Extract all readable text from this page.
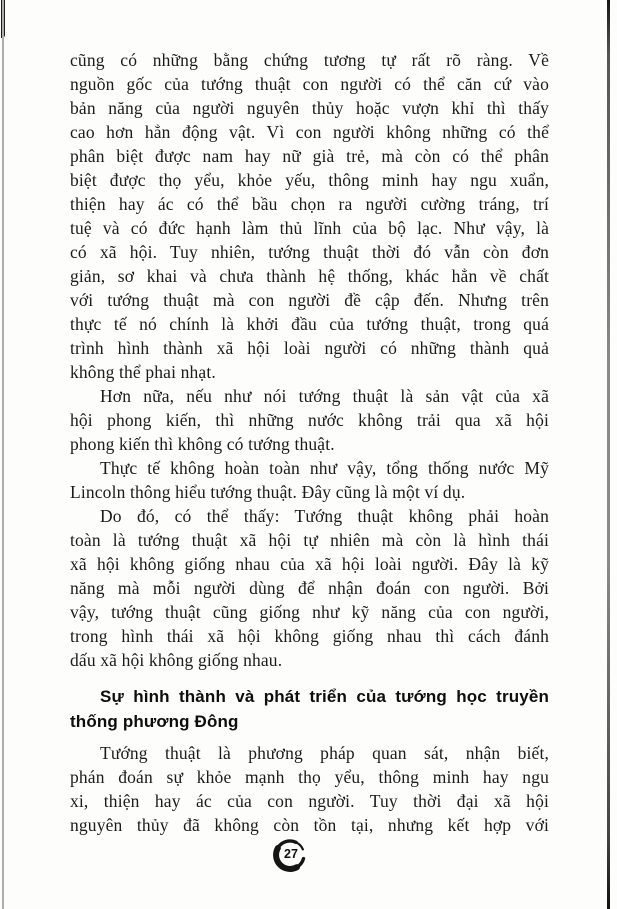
cũng có những bằng chứng tương tự rất rõ ràng. Về
nguồn gốc của tướng thuật con người có thể căn cứ vào
bản năng của người nguyên thủy hoặc vượn khỉ thì thấy
cao hơn hẳn động vật. Vì con người không những có thể
phân biệt được nam hay nữ già trẻ, mà còn có thể phân
biệt được thọ yểu, khỏe yếu, thông minh hay ngu xuẩn,
thiện hay ác có thể bầu chọn ra người cường tráng, trí
tuệ và có đức hạnh làm thủ lĩnh của bộ lạc. Như vậy, là
có xã hội. Tuy nhiên, tướng thuật thời đó vẫn còn đơn
giản, sơ khai và chưa thành hệ thống, khác hẳn về chất
với tướng thuật mà con người đề cập đến. Nhưng trên
thực tế nó chính là khởi đầu của tướng thuật, trong quá
trình hình thành xã hội loài người có những thành quả
không thể phai nhạt.
Hơn nữa, nếu như nói tướng thuật là sản vật của xã
hội phong kiến, thì những nước không trải qua xã hội
phong kiến thì không có tướng thuật.
Thực tế không hoàn toàn như vậy, tổng thống nước Mỹ
Lincoln thông hiểu tướng thuật. Đây cũng là một ví dụ.
Do đó, có thể thấy: Tướng thuật không phải hoàn
toàn là tướng thuật xã hội tự nhiên mà còn là hình thái
xã hội không giống nhau của xã hội loài người. Đây là kỹ
năng mà mỗi người dùng để nhận đoán con người. Bởi
vậy, tướng thuật cũng giống như kỹ năng của con người,
trong hình thái xã hội không giống nhau thì cách đánh
dấu xã hội không giống nhau.
Sự hình thành và phát triển của tướng học truyền
thống phương Đông
Tướng thuật là phương pháp quan sát, nhận biết,
phán đoán sự khỏe mạnh thọ yểu, thông minh hay ngu
xi, thiện hay ác của con người. Tuy thời đại xã hội
nguyên thủy đã không còn tồn tại, nhưng kết hợp với
27
